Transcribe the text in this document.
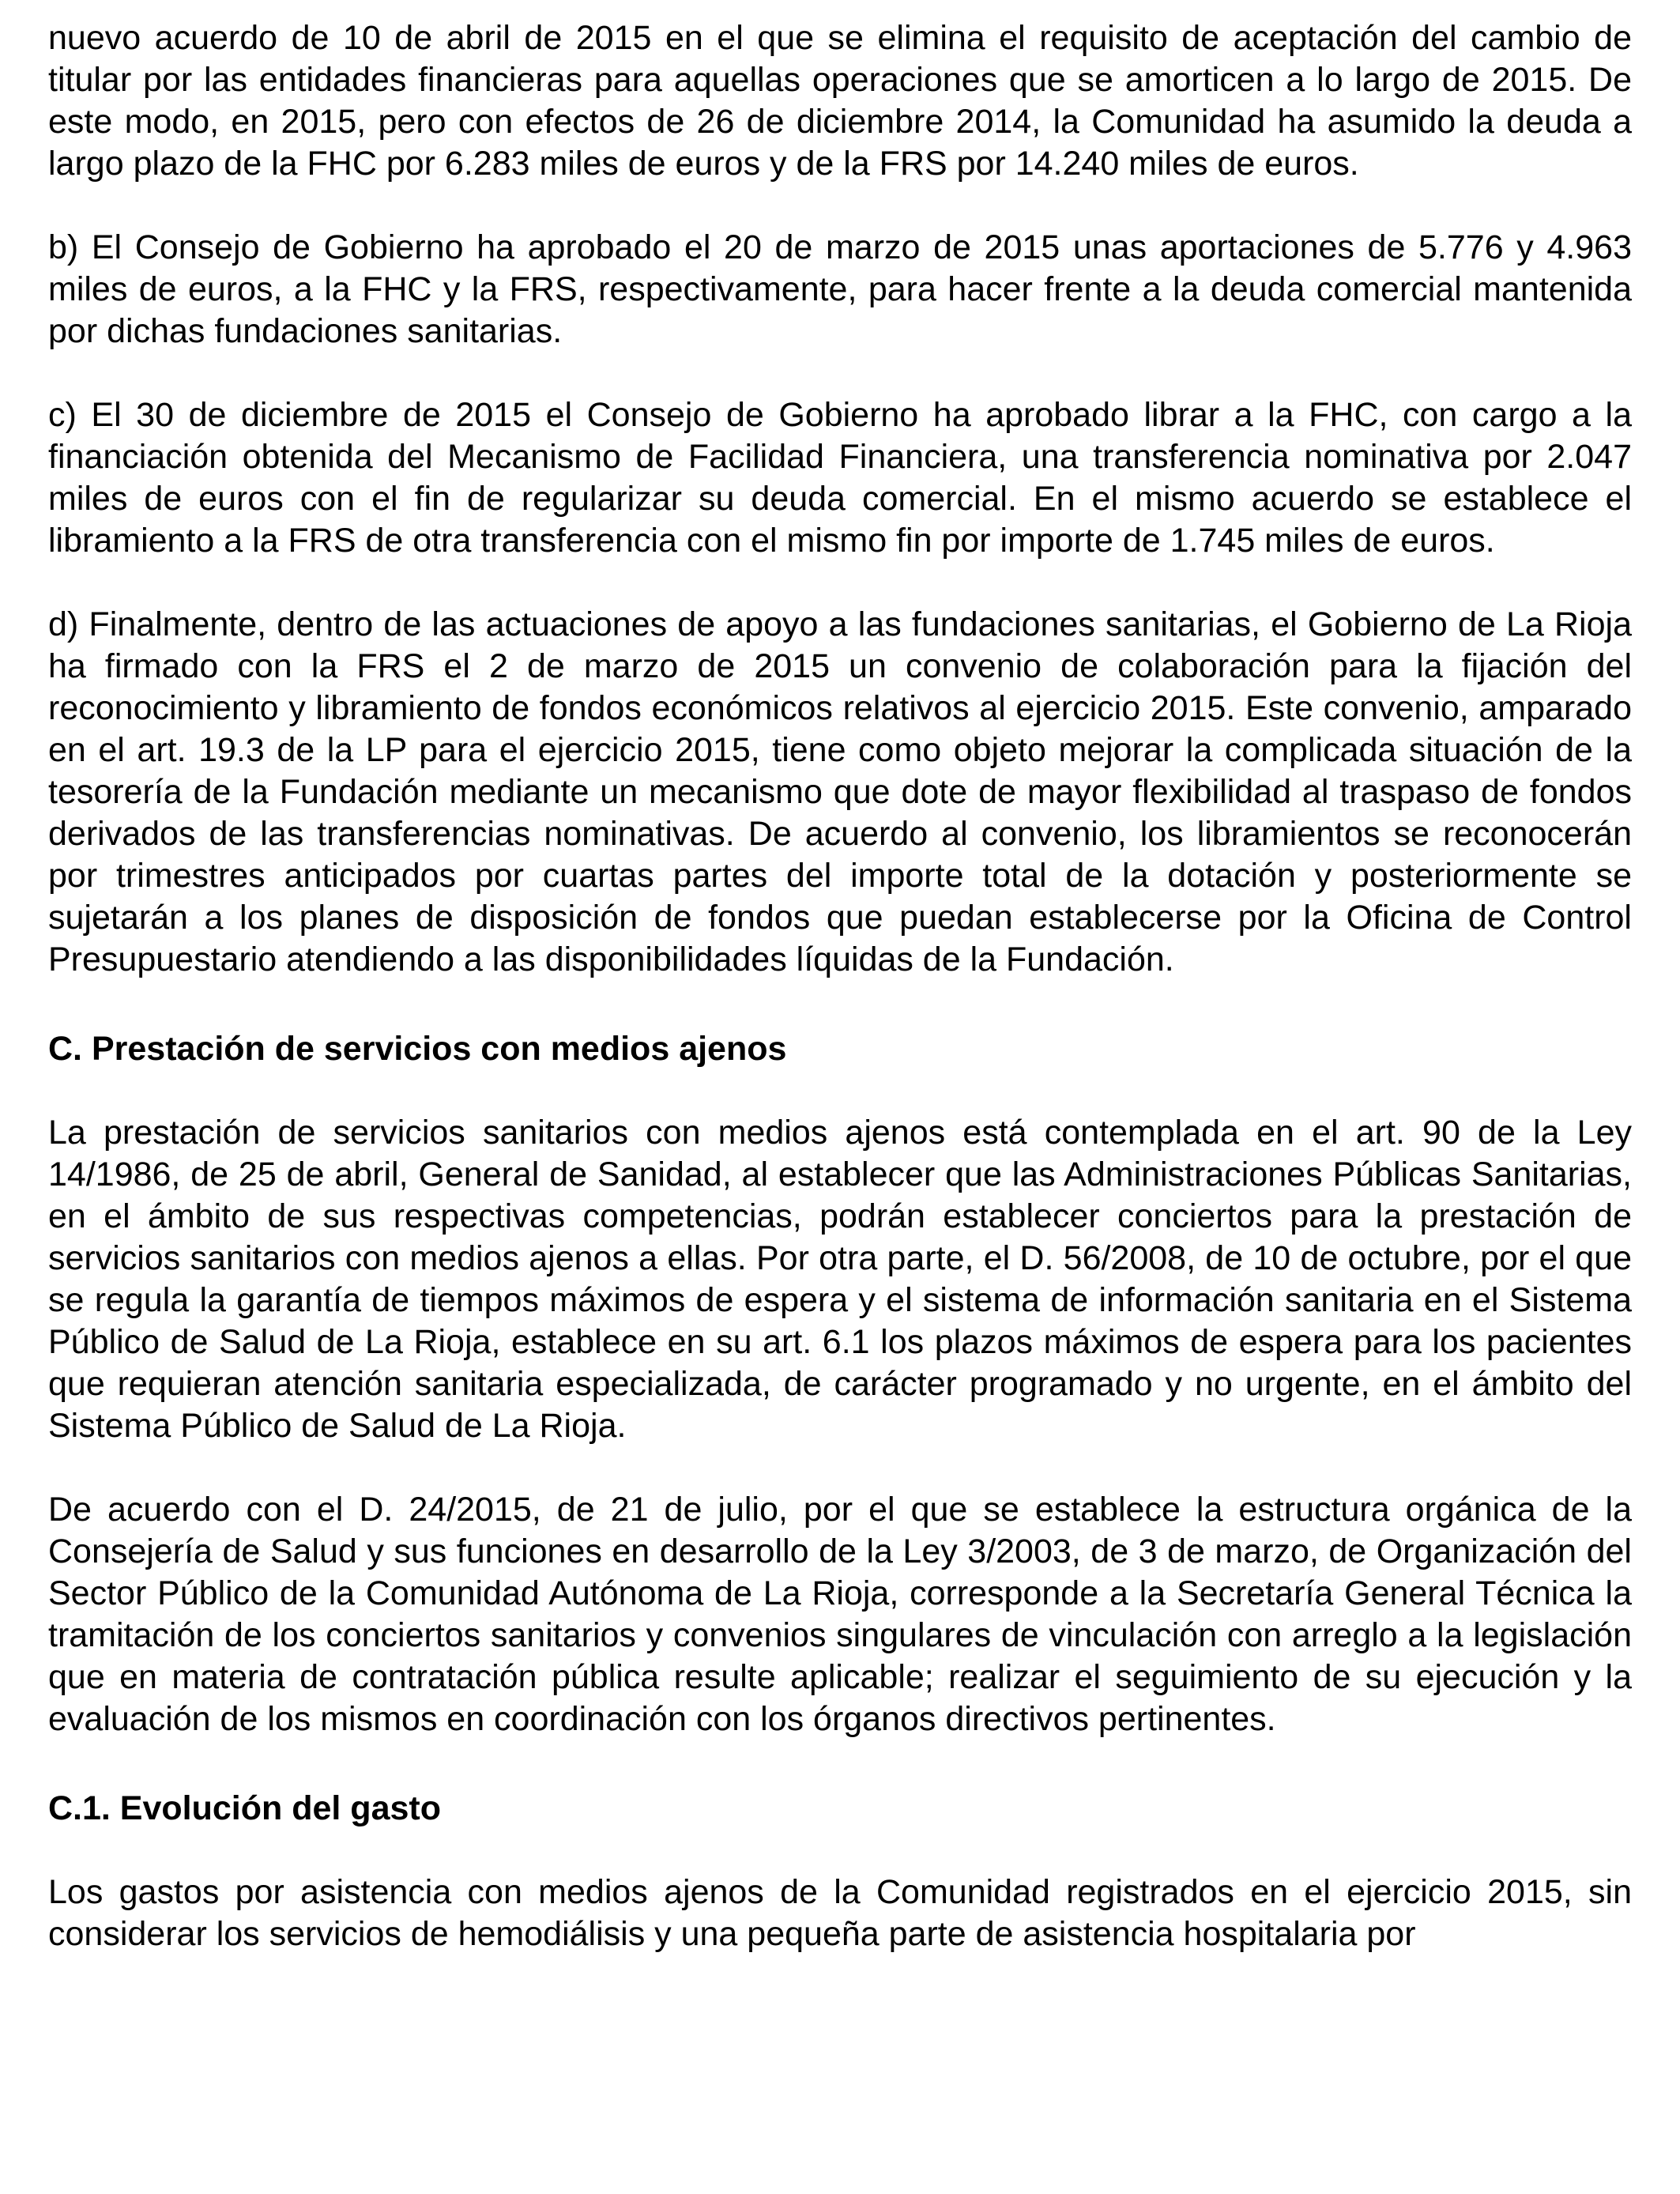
nuevo acuerdo de 10 de abril de 2015 en el que se elimina el requisito de aceptación del cambio de titular por las entidades financieras para aquellas operaciones que se amorticen a lo largo de 2015. De este modo, en 2015, pero con efectos de 26 de diciembre 2014, la Comunidad ha asumido la deuda a largo plazo de la FHC por 6.283 miles de euros y de la FRS por 14.240 miles de euros.

b) El Consejo de Gobierno ha aprobado el 20 de marzo de 2015 unas aportaciones de 5.776 y 4.963 miles de euros, a la FHC y la FRS, respectivamente, para hacer frente a la deuda comercial mantenida por dichas fundaciones sanitarias.

c) El 30 de diciembre de 2015 el Consejo de Gobierno ha aprobado librar a la FHC, con cargo a la financiación obtenida del Mecanismo de Facilidad Financiera, una transferencia nominativa por 2.047 miles de euros con el fin de regularizar su deuda comercial. En el mismo acuerdo se establece el libramiento a la FRS de otra transferencia con el mismo fin por importe de 1.745 miles de euros.

d) Finalmente, dentro de las actuaciones de apoyo a las fundaciones sanitarias, el Gobierno de La Rioja ha firmado con la FRS el 2 de marzo de 2015 un convenio de colaboración para la fijación del reconocimiento y libramiento de fondos económicos relativos al ejercicio 2015. Este convenio, amparado en el art. 19.3 de la LP para el ejercicio 2015, tiene como objeto mejorar la complicada situación de la tesorería de la Fundación mediante un mecanismo que dote de mayor flexibilidad al traspaso de fondos derivados de las transferencias nominativas. De acuerdo al convenio, los libramientos se reconocerán por trimestres anticipados por cuartas partes del importe total de la dotación y posteriormente se sujetarán a los planes de disposición de fondos que puedan establecerse por la Oficina de Control Presupuestario atendiendo a las disponibilidades líquidas de la Fundación.

C. Prestación de servicios con medios ajenos

La prestación de servicios sanitarios con medios ajenos está contemplada en el art. 90 de la Ley 14/1986, de 25 de abril, General de Sanidad, al establecer que las Administraciones Públicas Sanitarias, en el ámbito de sus respectivas competencias, podrán establecer conciertos para la prestación de servicios sanitarios con medios ajenos a ellas. Por otra parte, el D. 56/2008, de 10 de octubre, por el que se regula la garantía de tiempos máximos de espera y el sistema de información sanitaria en el Sistema Público de Salud de La Rioja, establece en su art. 6.1 los plazos máximos de espera para los pacientes que requieran atención sanitaria especializada, de carácter programado y no urgente, en el ámbito del Sistema Público de Salud de La Rioja.

De acuerdo con el D. 24/2015, de 21 de julio, por el que se establece la estructura orgánica de la Consejería de Salud y sus funciones en desarrollo de la Ley 3/2003, de 3 de marzo, de Organización del Sector Público de la Comunidad Autónoma de La Rioja, corresponde a la Secretaría General Técnica la tramitación de los conciertos sanitarios y convenios singulares de vinculación con arreglo a la legislación que en materia de contratación pública resulte aplicable; realizar el seguimiento de su ejecución y la evaluación de los mismos en coordinación con los órganos directivos pertinentes.

C.1. Evolución del gasto

Los gastos por asistencia con medios ajenos de la Comunidad registrados en el ejercicio 2015, sin considerar los servicios de hemodiálisis y una pequeña parte de asistencia hospitalaria por
